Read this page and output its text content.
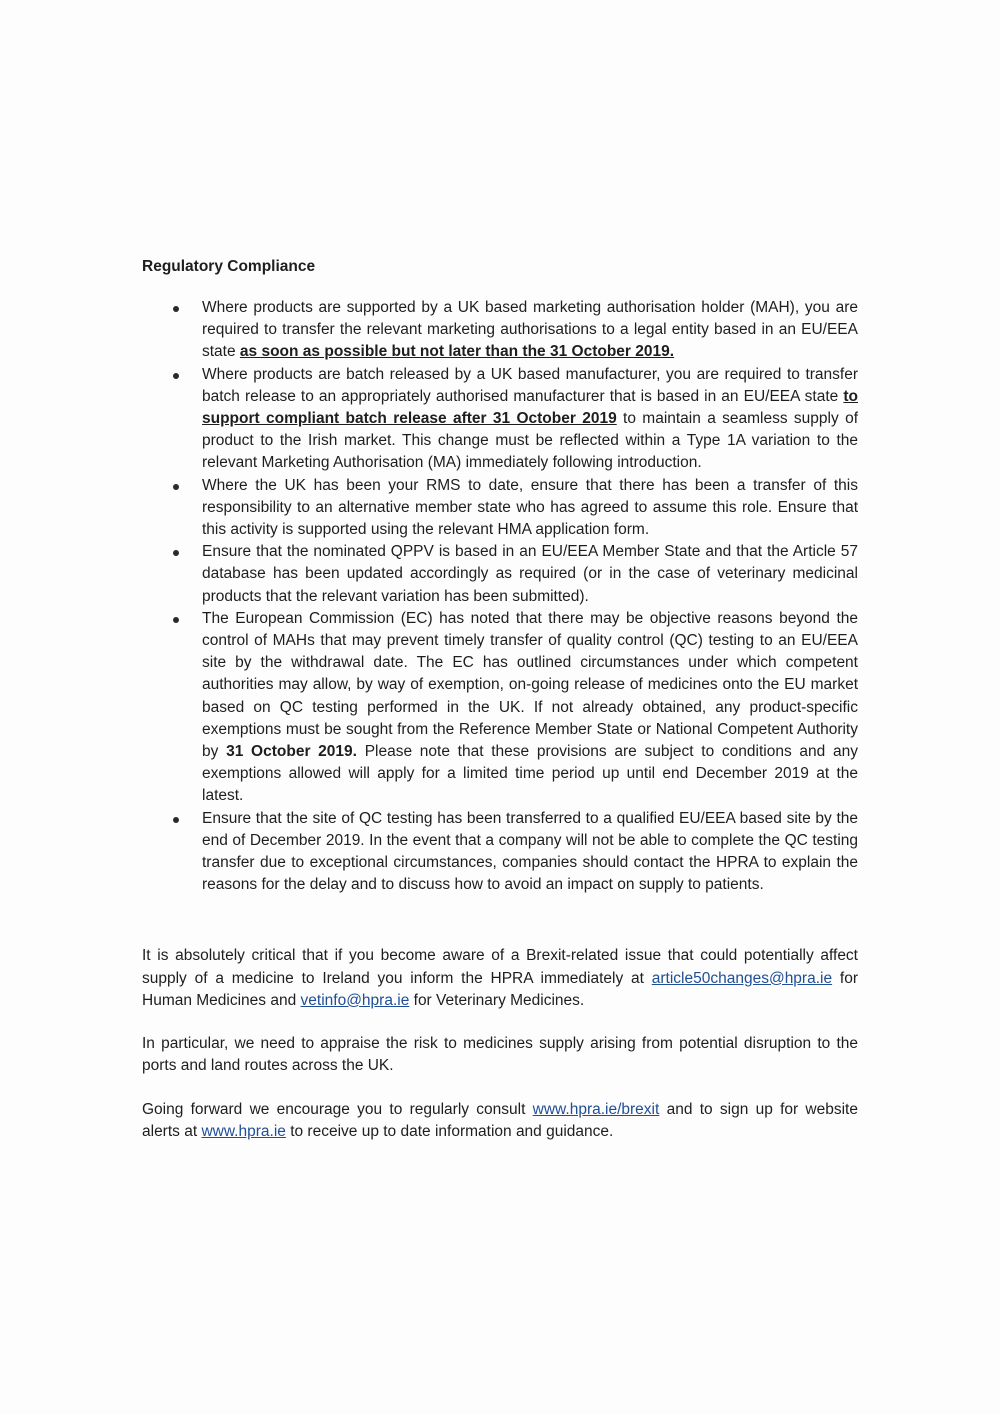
Regulatory Compliance
Where products are supported by a UK based marketing authorisation holder (MAH), you are required to transfer the relevant marketing authorisations to a legal entity based in an EU/EEA state as soon as possible but not later than the 31 October 2019.
Where products are batch released by a UK based manufacturer, you are required to transfer batch release to an appropriately authorised manufacturer that is based in an EU/EEA state to support compliant batch release after 31 October 2019 to maintain a seamless supply of product to the Irish market. This change must be reflected within a Type 1A variation to the relevant Marketing Authorisation (MA) immediately following introduction.
Where the UK has been your RMS to date, ensure that there has been a transfer of this responsibility to an alternative member state who has agreed to assume this role. Ensure that this activity is supported using the relevant HMA application form.
Ensure that the nominated QPPV is based in an EU/EEA Member State and that the Article 57 database has been updated accordingly as required (or in the case of veterinary medicinal products that the relevant variation has been submitted).
The European Commission (EC) has noted that there may be objective reasons beyond the control of MAHs that may prevent timely transfer of quality control (QC) testing to an EU/EEA site by the withdrawal date. The EC has outlined circumstances under which competent authorities may allow, by way of exemption, on-going release of medicines onto the EU market based on QC testing performed in the UK. If not already obtained, any product-specific exemptions must be sought from the Reference Member State or National Competent Authority by 31 October 2019. Please note that these provisions are subject to conditions and any exemptions allowed will apply for a limited time period up until end December 2019 at the latest.
Ensure that the site of QC testing has been transferred to a qualified EU/EEA based site by the end of December 2019. In the event that a company will not be able to complete the QC testing transfer due to exceptional circumstances, companies should contact the HPRA to explain the reasons for the delay and to discuss how to avoid an impact on supply to patients.

It is absolutely critical that if you become aware of a Brexit-related issue that could potentially affect supply of a medicine to Ireland you inform the HPRA immediately at article50changes@hpra.ie for Human Medicines and vetinfo@hpra.ie for Veterinary Medicines.

In particular, we need to appraise the risk to medicines supply arising from potential disruption to the ports and land routes across the UK.

Going forward we encourage you to regularly consult www.hpra.ie/brexit and to sign up for website alerts at www.hpra.ie to receive up to date information and guidance.
